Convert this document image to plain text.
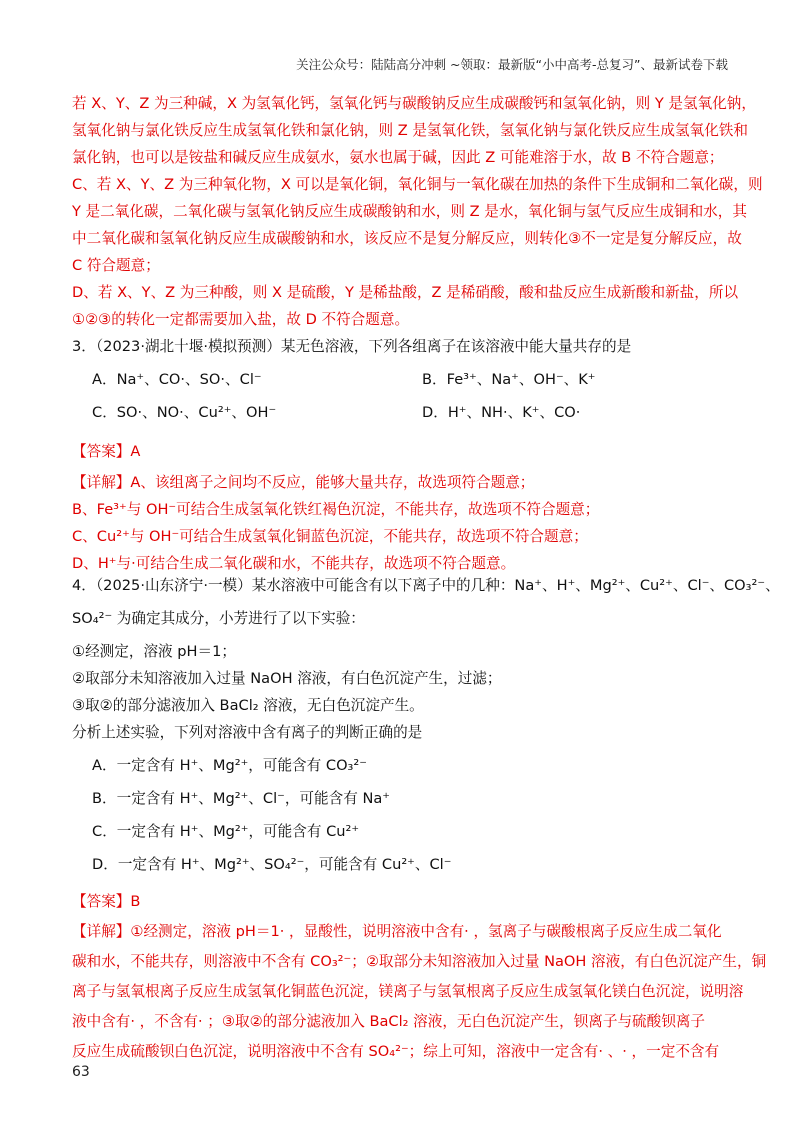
关注公众号：陆陆高分冲刺 ~领取：最新版“小中高考-总复习”、最新试卷下载
若 X、Y、Z 为三种碱，X 为氢氧化钙，氢氧化钙与碳酸钠反应生成碳酸钙和氢氧化钠，则 Y 是氢氧化钠，
氢氧化钠与氯化铁反应生成氢氧化铁和氯化钠，则 Z 是氢氧化铁，氢氧化钠与氯化铁反应生成氢氧化铁和
氯化钠，也可以是铵盐和碱反应生成氨水，氨水也属于碱，因此 Z 可能难溶于水，故 B 不符合题意；
C、若 X、Y、Z 为三种氧化物，X 可以是氧化铜，氧化铜与一氧化碳在加热的条件下生成铜和二氧化碳，则
Y 是二氧化碳，二氧化碳与氢氧化钠反应生成碳酸钠和水，则 Z 是水，氧化铜与氢气反应生成铜和水，其
中二氧化碳和氢氧化钠反应生成碳酸钠和水，该反应不是复分解反应，则转化③不一定是复分解反应，故
C 符合题意；
D、若 X、Y、Z 为三种酸，则 X 是硫酸，Y 是稀盐酸，Z 是稀硝酸，酸和盐反应生成新酸和新盐，所以
①②③的转化一定都需要加入盐，故 D 不符合题意。
3．（2023·湖北十堰·模拟预测）某无色溶液，下列各组离子在该溶液中能大量共存的是
A．Na⁺、CO⋅、SO⋅、Cl⁻	B．Fe³⁺、Na⁺、OH⁻、K⁺
C．SO⋅、NO⋅、Cu²⁺、OH⁻	D．H⁺、NH⋅、K⁺、CO⋅
【答案】A
【详解】A、该组离子之间均不反应，能够大量共存，故选项符合题意；
B、Fe³⁺与 OH⁻可结合生成氢氧化铁红褐色沉淀，不能共存，故选项不符合题意；
C、Cu²⁺与 OH⁻可结合生成氢氧化铜蓝色沉淀，不能共存，故选项不符合题意；
D、H⁺与⋅可结合生成二氧化碳和水，不能共存，故选项不符合题意。
4．（2025·山东济宁·一模）某水溶液中可能含有以下离子中的几种：Na⁺、H⁺、Mg²⁺、Cu²⁺、Cl⁻、CO₃²⁻、
SO₄²⁻ 为确定其成分，小芳进行了以下实验：
①经测定，溶液 pH＝1；
②取部分未知溶液加入过量 NaOH 溶液，有白色沉淀产生，过滤；
③取②的部分滤液加入 BaCl₂ 溶液，无白色沉淀产生。
分析上述实验，下列对溶液中含有离子的判断正确的是
A．一定含有 H⁺、Mg²⁺，可能含有 CO₃²⁻
B．一定含有 H⁺、Mg²⁺、Cl⁻，可能含有 Na⁺
C．一定含有 H⁺、Mg²⁺，可能含有 Cu²⁺
D．一定含有 H⁺、Mg²⁺、SO₄²⁻，可能含有 Cu²⁺、Cl⁻
【答案】B
【详解】①经测定，溶液 pH＝1⋅ ，显酸性，说明溶液中含有⋅ ，氢离子与碳酸根离子反应生成二氧化
碳和水，不能共存，则溶液中不含有 CO₃²⁻；②取部分未知溶液加入过量 NaOH 溶液，有白色沉淀产生，铜
离子与氢氧根离子反应生成氢氧化铜蓝色沉淀，镁离子与氢氧根离子反应生成氢氧化镁白色沉淀，说明溶
液中含有⋅ ，不含有⋅ ；③取②的部分滤液加入 BaCl₂ 溶液，无白色沉淀产生，钡离子与硫酸钡离子
反应生成硫酸钡白色沉淀，说明溶液中不含有 SO₄²⁻；综上可知，溶液中一定含有⋅ 、⋅ ，一定不含有
63
